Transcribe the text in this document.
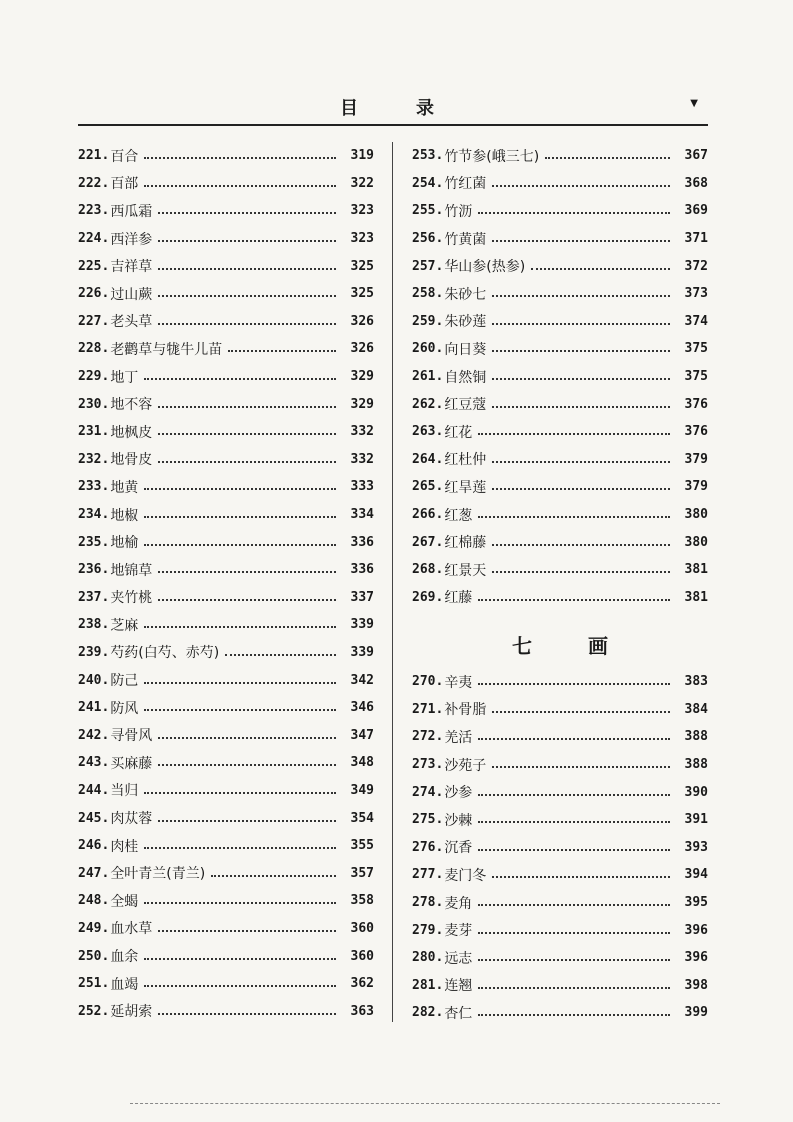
目	录	▼
221. 百合	319
222. 百部	322
223. 西瓜霜	323
224. 西洋参	323
225. 吉祥草	325
226. 过山蕨	325
227. 老头草	326
228. 老鹳草与牻牛儿苗	326
229. 地丁	329
230. 地不容	329
231. 地枫皮	332
232. 地骨皮	332
233. 地黄	333
234. 地椒	334
235. 地榆	336
236. 地锦草	336
237. 夹竹桃	337
238. 芝麻	339
239. 芍药(白芍、赤芍)	339
240. 防己	342
241. 防风	346
242. 寻骨风	347
243. 买麻藤	348
244. 当归	349
245. 肉苁蓉	354
246. 肉桂	355
247. 全叶青兰(青兰)	357
248. 全蝎	358
249. 血水草	360
250. 血余	360
251. 血竭	362
252. 延胡索	363
253. 竹节参(峨三七)	367
254. 竹红菌	368
255. 竹沥	369
256. 竹黄菌	371
257. 华山参(热参)	372
258. 朱砂七	373
259. 朱砂莲	374
260. 向日葵	375
261. 自然铜	375
262. 红豆蔻	376
263. 红花	376
264. 红杜仲	379
265. 红旱莲	379
266. 红葱	380
267. 红棉藤	380
268. 红景天	381
269. 红藤	381
七	画
270. 辛夷	383
271. 补骨脂	384
272. 羌活	388
273. 沙苑子	388
274. 沙参	390
275. 沙棘	391
276. 沉香	393
277. 麦门冬	394
278. 麦角	395
279. 麦芽	396
280. 远志	396
281. 连翘	398
282. 杏仁	399
